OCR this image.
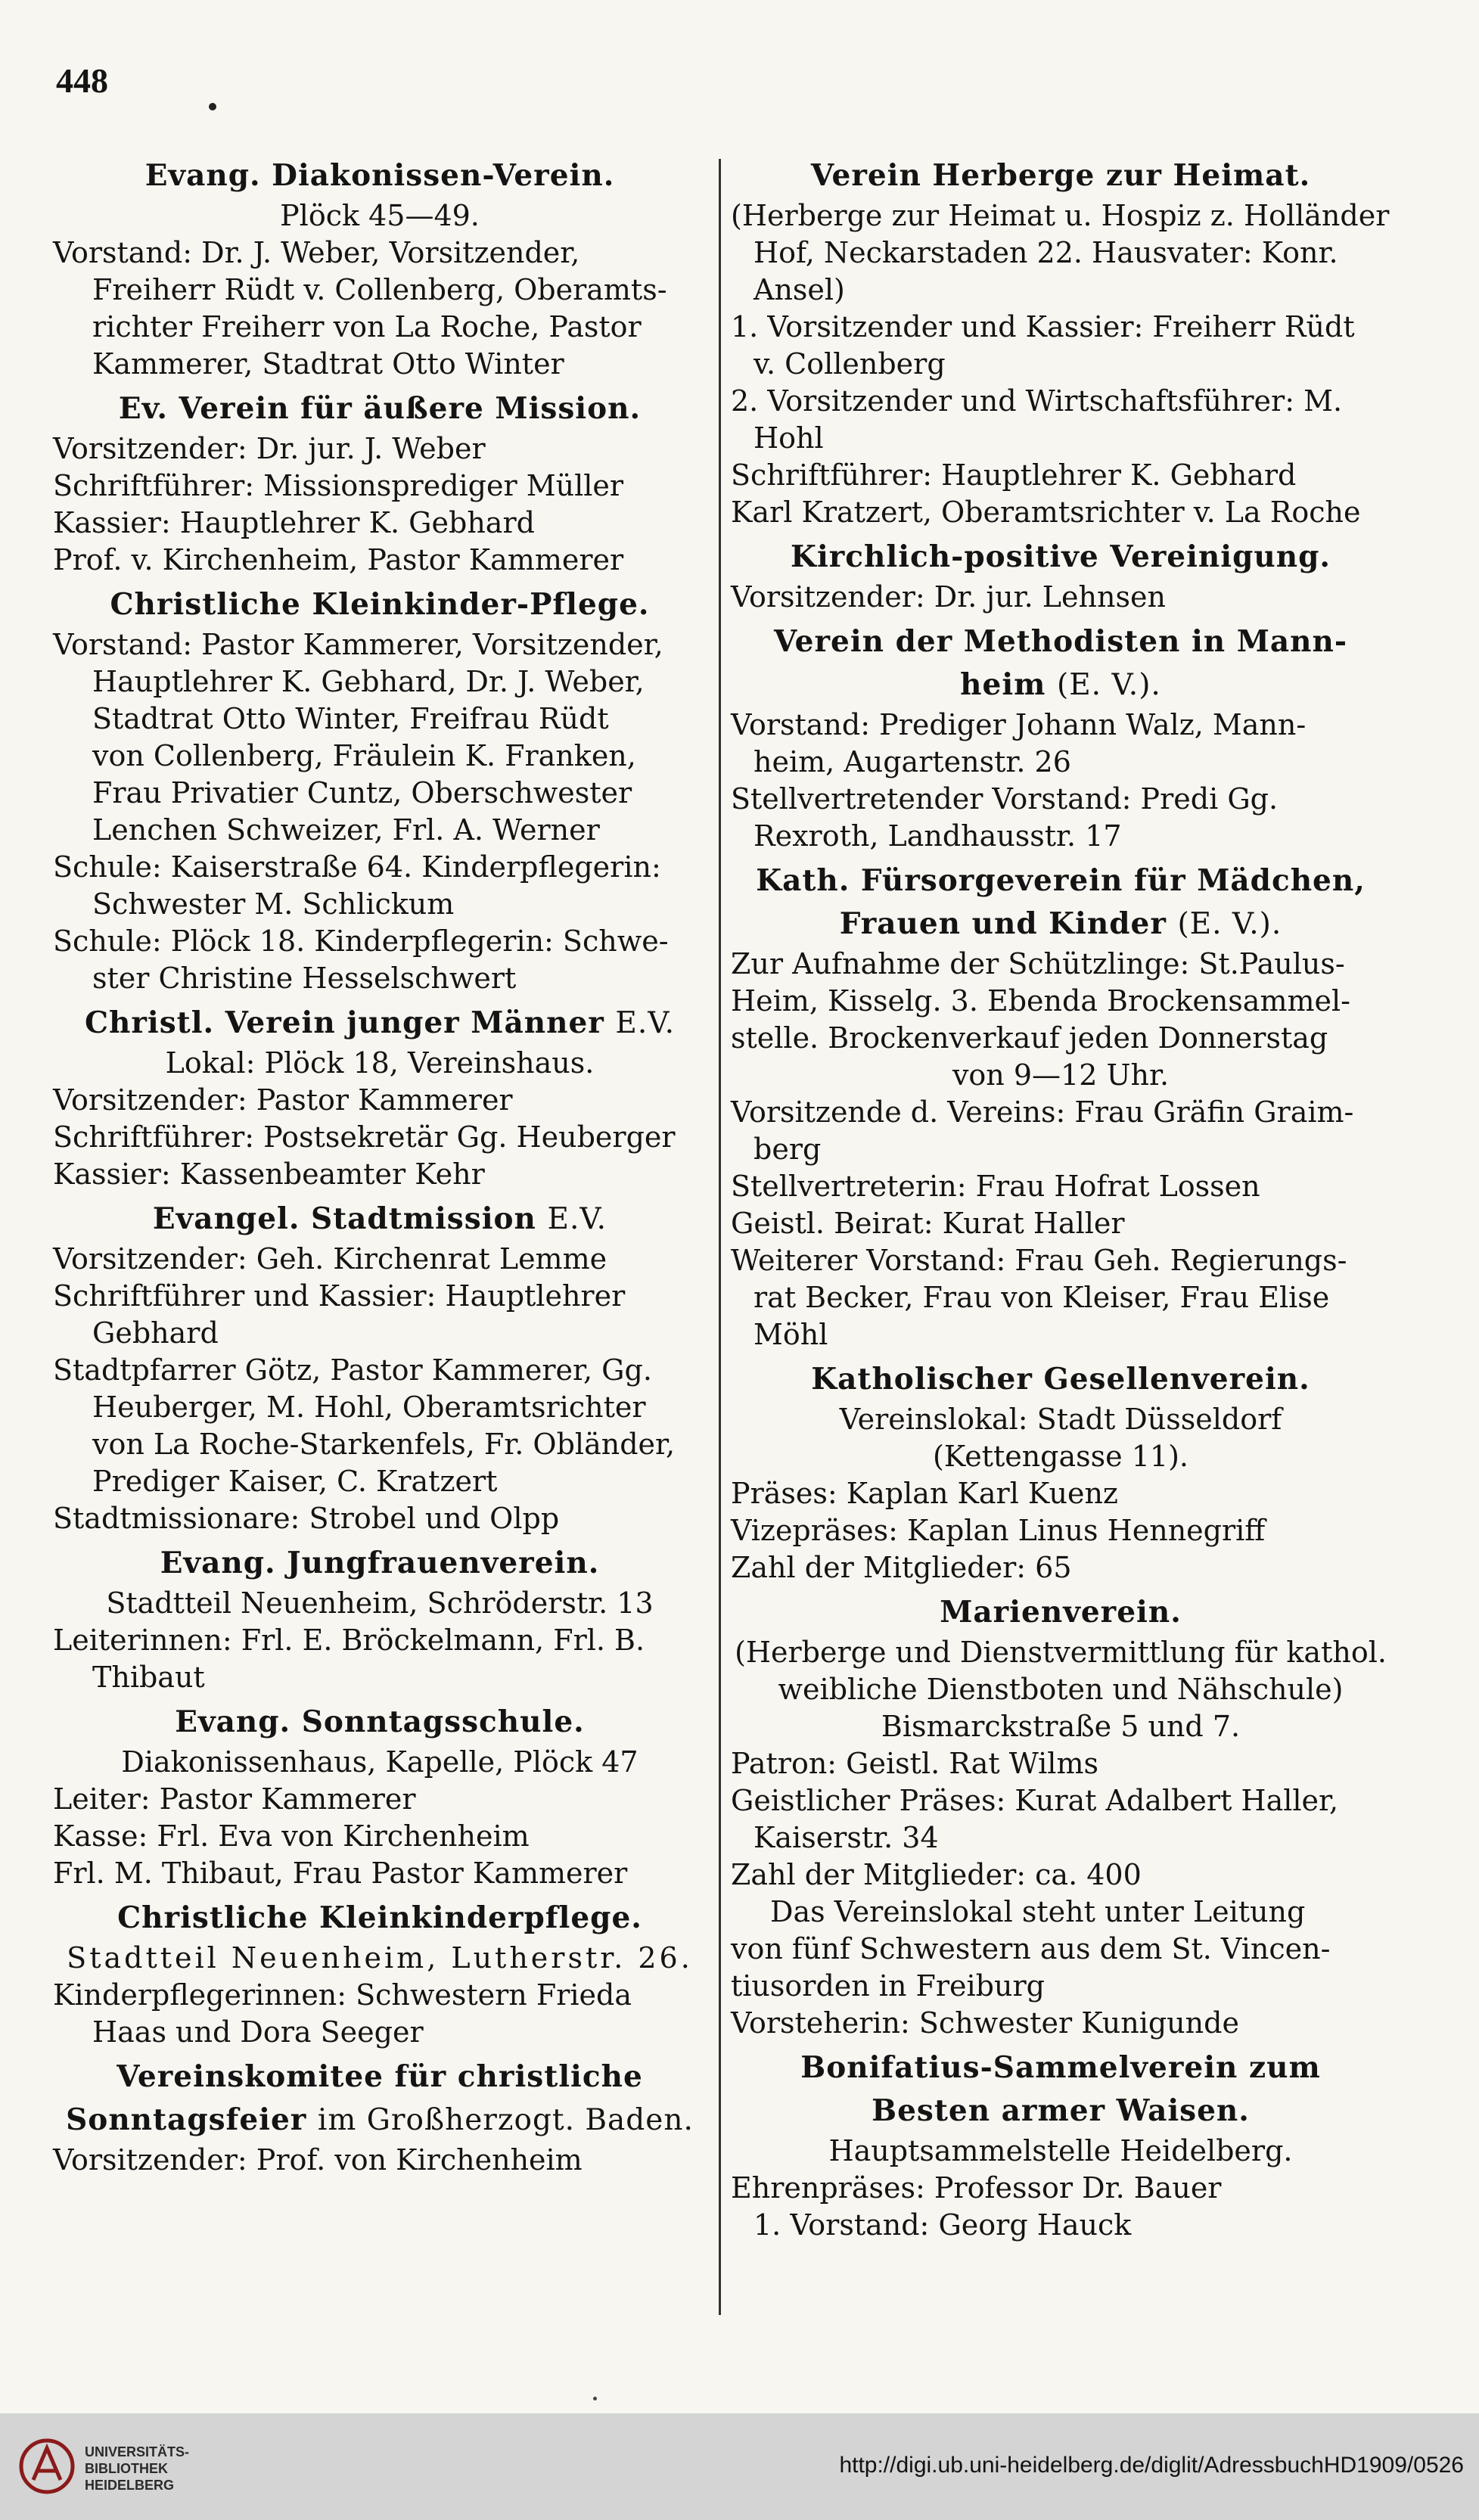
448
Evang. Diakonissen-Verein.
Plöck 45—49.
Vorstand: Dr. J. Weber, Vorsitzender,
Freiherr Rüdt v. Collenberg, Oberamts-
richter Freiherr von La Roche, Pastor
Kammerer, Stadtrat Otto Winter
Ev. Verein für äußere Mission.
Vorsitzender: Dr. jur. J. Weber
Schriftführer: Missionsprediger Müller
Kassier: Hauptlehrer K. Gebhard
Prof. v. Kirchenheim, Pastor Kammerer
Christliche Kleinkinder-Pflege.
Vorstand: Pastor Kammerer, Vorsitzender,
Hauptlehrer K. Gebhard, Dr. J. Weber,
Stadtrat Otto Winter, Freifrau Rüdt
von Collenberg, Fräulein K. Franken,
Frau Privatier Cuntz, Oberschwester
Lenchen Schweizer, Frl. A. Werner
Schule: Kaiserstraße 64. Kinderpflegerin:
Schwester M. Schlickum
Schule: Plöck 18. Kinderpflegerin: Schwe-
ster Christine Hesselschwert
Christl. Verein junger Männer E.V.
Lokal: Plöck 18, Vereinshaus.
Vorsitzender: Pastor Kammerer
Schriftführer: Postsekretär Gg. Heuberger
Kassier: Kassenbeamter Kehr
Evangel. Stadtmission E.V.
Vorsitzender: Geh. Kirchenrat Lemme
Schriftführer und Kassier: Hauptlehrer
Gebhard
Stadtpfarrer Götz, Pastor Kammerer, Gg.
Heuberger, M. Hohl, Oberamtsrichter
von La Roche-Starkenfels, Fr. Obländer,
Prediger Kaiser, C. Kratzert
Stadtmissionare: Strobel und Olpp
Evang. Jungfrauenverein.
Stadtteil Neuenheim, Schröderstr. 13
Leiterinnen: Frl. E. Bröckelmann, Frl. B.
Thibaut
Evang. Sonntagsschule.
Diakonissenhaus, Kapelle, Plöck 47
Leiter: Pastor Kammerer
Kasse: Frl. Eva von Kirchenheim
Frl. M. Thibaut, Frau Pastor Kammerer
Christliche Kleinkinderpflege.
Stadtteil Neuenheim, Lutherstr. 26.
Kinderpflegerinnen: Schwestern Frieda
Haas und Dora Seeger
Vereinskomitee für christliche
Sonntagsfeier im Großherzogt. Baden.
Vorsitzender: Prof. von Kirchenheim
Verein Herberge zur Heimat.
(Herberge zur Heimat u. Hospiz z. Holländer
Hof, Neckarstaden 22. Hausvater: Konr.
Ansel)
1. Vorsitzender und Kassier: Freiherr Rüdt
v. Collenberg
2. Vorsitzender und Wirtschaftsführer: M.
Hohl
Schriftführer: Hauptlehrer K. Gebhard
Karl Kratzert, Oberamtsrichter v. La Roche
Kirchlich-positive Vereinigung.
Vorsitzender: Dr. jur. Lehnsen
Verein der Methodisten in Mann-
heim (E. V.).
Vorstand: Prediger Johann Walz, Mann-
heim, Augartenstr. 26
Stellvertretender Vorstand: Predi Gg.
Rexroth, Landhausstr. 17
Kath. Fürsorgeverein für Mädchen,
Frauen und Kinder (E. V.).
Zur Aufnahme der Schützlinge: St.Paulus-
Heim, Kisselg. 3. Ebenda Brockensammel-
stelle. Brockenverkauf jeden Donnerstag
von 9—12 Uhr.
Vorsitzende d. Vereins: Frau Gräfin Graim-
berg
Stellvertreterin: Frau Hofrat Lossen
Geistl. Beirat: Kurat Haller
Weiterer Vorstand: Frau Geh. Regierungs-
rat Becker, Frau von Kleiser, Frau Elise
Möhl
Katholischer Gesellenverein.
Vereinslokal: Stadt Düsseldorf
(Kettengasse 11).
Präses: Kaplan Karl Kuenz
Vizepräses: Kaplan Linus Hennegriff
Zahl der Mitglieder: 65
Marienverein.
(Herberge und Dienstvermittlung für kathol.
weibliche Dienstboten und Nähschule)
Bismarckstraße 5 und 7.
Patron: Geistl. Rat Wilms
Geistlicher Präses: Kurat Adalbert Haller,
Kaiserstr. 34
Zahl der Mitglieder: ca. 400
Das Vereinslokal steht unter Leitung
von fünf Schwestern aus dem St. Vincen-
tiusorden in Freiburg
Vorsteherin: Schwester Kunigunde
Bonifatius-Sammelverein zum
Besten armer Waisen.
Hauptsammelstelle Heidelberg.
Ehrenpräses: Professor Dr. Bauer
1. Vorstand: Georg Hauck
UNIVERSITÄTS-
BIBLIOTHEK
HEIDELBERG
http://digi.ub.uni-heidelberg.de/diglit/AdressbuchHD1909/0526
